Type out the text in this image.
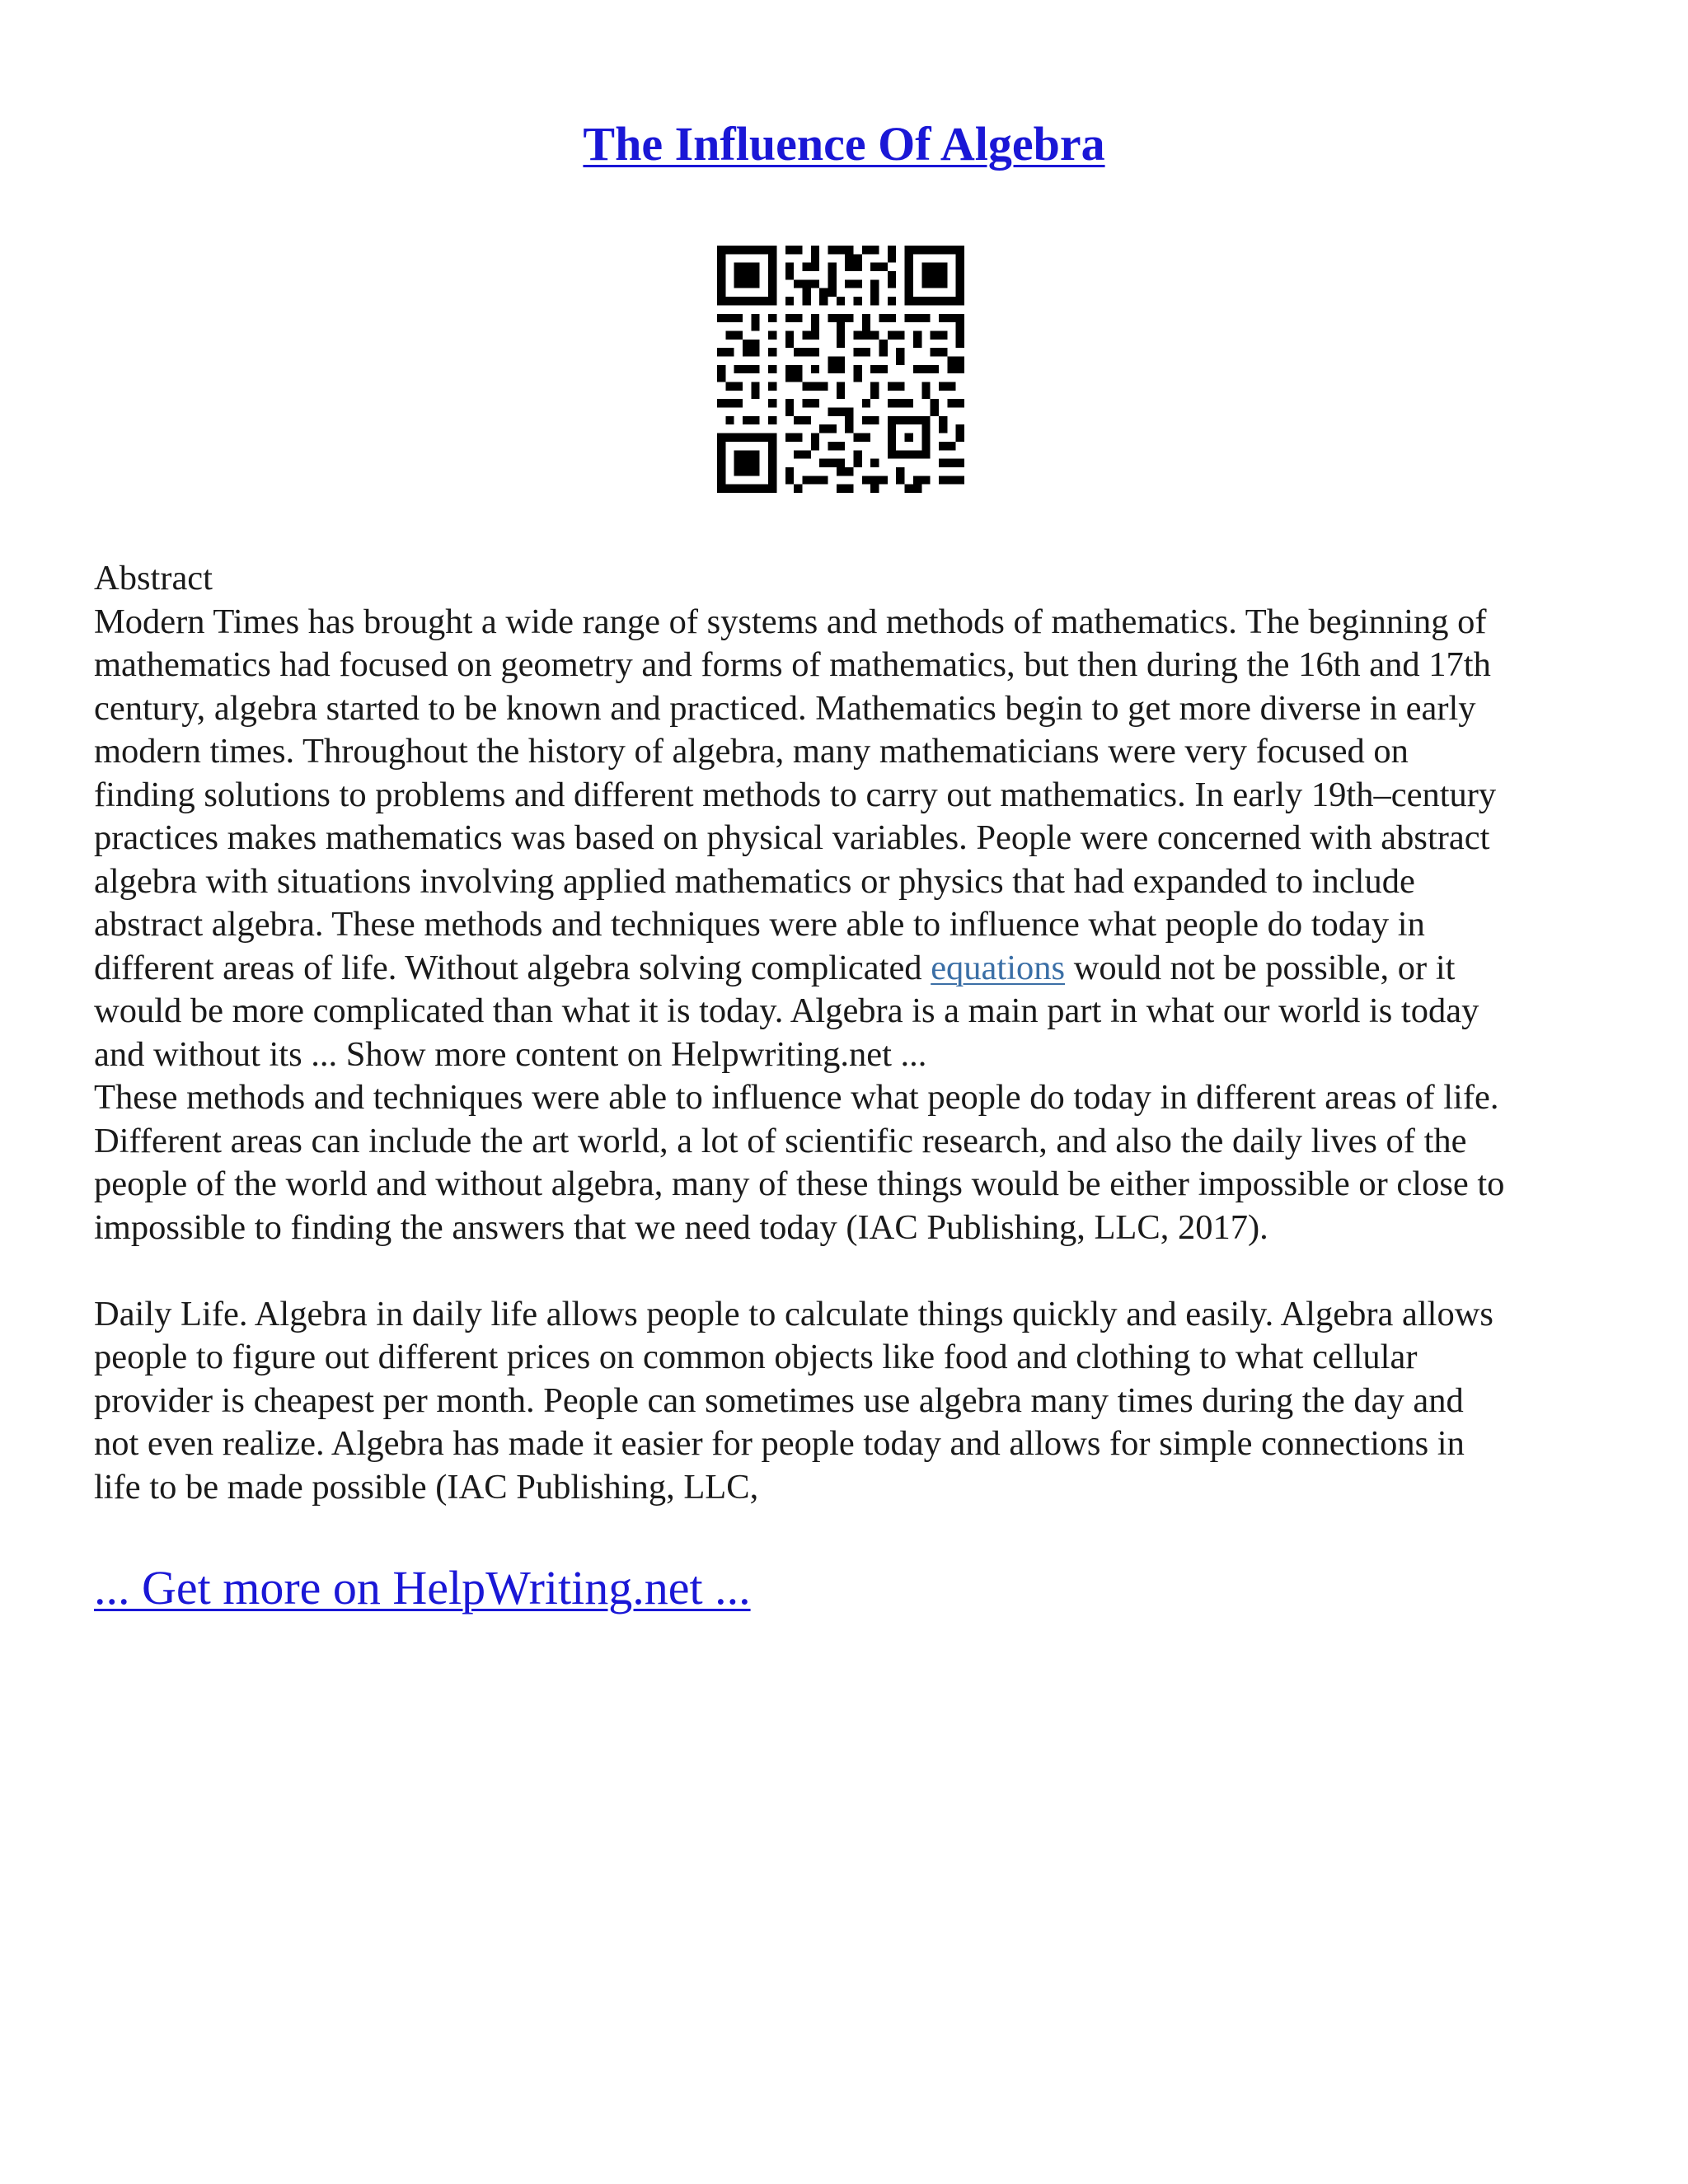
The Influence Of Algebra

Abstract

Modern Times has brought a wide range of systems and methods of mathematics. The beginning of
mathematics had focused on geometry and forms of mathematics, but then during the 16th and 17th
century, algebra started to be known and practiced. Mathematics begin to get more diverse in early
modern times. Throughout the history of algebra, many mathematicians were very focused on
finding solutions to problems and different methods to carry out mathematics. In early 19th–century
practices makes mathematics was based on physical variables. People were concerned with abstract
algebra with situations involving applied mathematics or physics that had expanded to include
abstract algebra. These methods and techniques were able to influence what people do today in
different areas of life. Without algebra solving complicated equations would not be possible, or it
would be more complicated than what it is today. Algebra is a main part in what our world is today
and without its ... Show more content on Helpwriting.net ...
These methods and techniques were able to influence what people do today in different areas of life.
Different areas can include the art world, a lot of scientific research, and also the daily lives of the
people of the world and without algebra, many of these things would be either impossible or close to
impossible to finding the answers that we need today (IAC Publishing, LLC, 2017).
Daily Life. Algebra in daily life allows people to calculate things quickly and easily. Algebra allows
people to figure out different prices on common objects like food and clothing to what cellular
provider is cheapest per month. People can sometimes use algebra many times during the day and
not even realize. Algebra has made it easier for people today and allows for simple connections in
life to be made possible (IAC Publishing, LLC,
... Get more on HelpWriting.net ...
